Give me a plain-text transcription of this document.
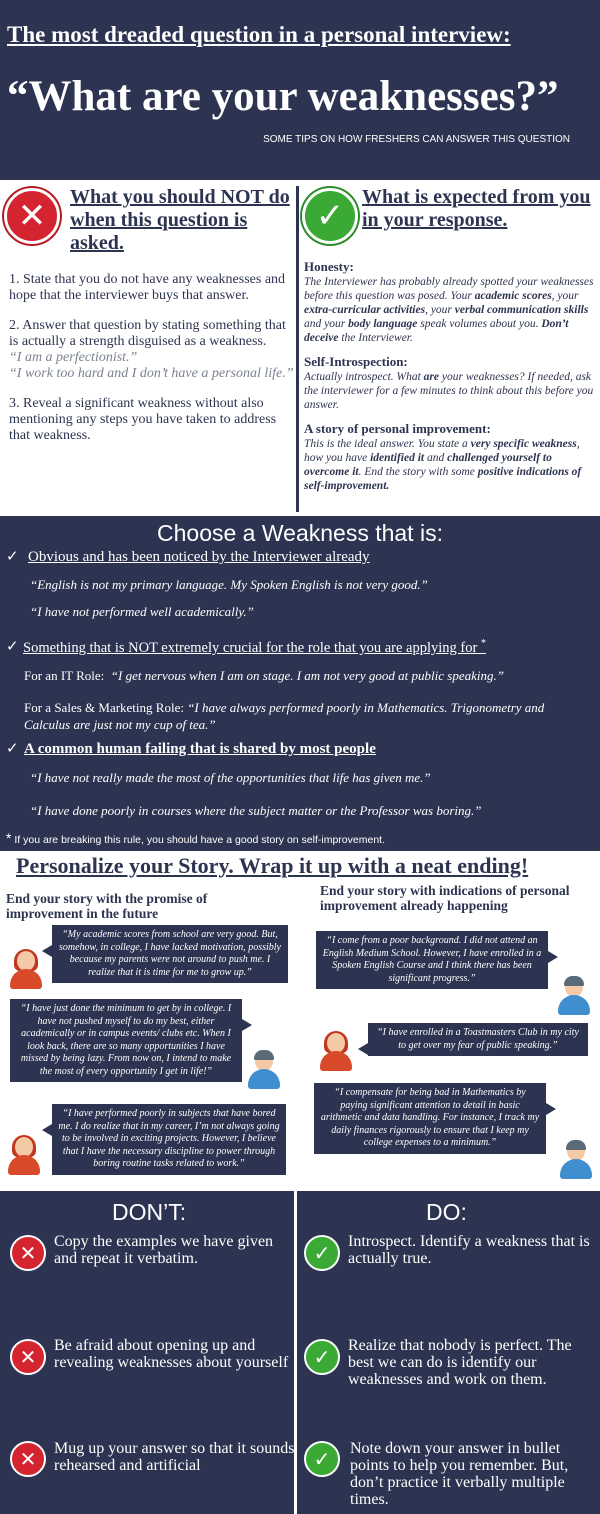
The most dreaded question in a personal interview:
“What are your weaknesses?”
SOME TIPS ON HOW FRESHERS CAN ANSWER THIS QUESTION
✕	What you should NOT do when this question is asked.

1. State that you do not have any weaknesses and hope that the interviewer buys that answer.

2. Answer that question by stating something that is actually a strength disguised as a weakness.
“I am a perfectionist.”
“I work too hard and I don’t have a personal life.”

3. Reveal a significant weakness without also mentioning any steps you have taken to address that weakness.

✓ What is expected from you in your response.
Honesty:

The Interviewer has probably already spotted your weaknesses before this question was posed. Your academic scores, your extra-curricular activities, your verbal communication skills and your body language speak volumes about you. Don’t deceive the Interviewer.

Self-Introspection:

Actually introspect. What are your weaknesses? If needed, ask the interviewer for a few minutes to think about this before you answer.

A story of personal improvement:

This is the ideal answer. You state a very specific weakness, how you have identified it and challenged yourself to overcome it. End the story with some positive indications of self-improvement.

Choose a Weakness that is:
✓ Obvious and has been noticed by the Interviewer already
“English is not my primary language. My Spoken English is not very good.”
“I have not performed well academically.”
✓ Something that is NOT extremely crucial for the role that you are applying for *
For an IT Role: “I get nervous when I am on stage. I am not very good at public speaking.”
For a Sales & Marketing Role: “I have always performed poorly in Mathematics. Trigonometry and Calculus are just not my cup of tea.”
✓ A common human failing that is shared by most people
“I have not really made the most of the opportunities that life has given me.”
“I have done poorly in courses where the subject matter or the Professor was boring.”
* If you are breaking this rule, you should have a good story on self-improvement.
Personalize your Story. Wrap it up with a neat ending!
End your story with the promise of improvement in the future
End your story with indications of personal improvement already happening
“My academic scores from school are very good. But, somehow, in college, I have lacked motivation, possibly because my parents were not around to push me. I realize that it is time for me to grow up.”
“I have just done the minimum to get by in college. I have not pushed myself to do my best, either academically or in campus events/ clubs etc. When I look back, there are so many opportunities I have missed by being lazy. From now on, I intend to make the most of every opportunity I get in life!”
“I have performed poorly in subjects that have bored me. I do realize that in my career, I’m not always going to be involved in exciting projects. However, I believe that I have the necessary discipline to power through boring routine tasks related to work.”
“I come from a poor background. I did not attend an English Medium School. However, I have enrolled in a Spoken English Course and I think there has been significant progress.”
“I have enrolled in a Toastmasters Club in my city to get over my fear of public speaking.”
“I compensate for being bad in Mathematics by paying significant attention to detail in basic arithmetic and data handling. For instance, I track my daily finances rigorously to ensure that I keep my college expenses to a minimum.”
DON’T:	DO:
✕	Copy the examples we have given and repeat it verbatim.
✕	Be afraid about opening up and revealing weaknesses about yourself
✕	Mug up your answer so that it sounds rehearsed and artificial
✓	Introspect. Identify a weakness that is actually true.
✓	Realize that nobody is perfect. The best we can do is identify our weaknesses and work on them.
✓	Note down your answer in bullet points to help you remember. But, don’t practice it verbally multiple times.
